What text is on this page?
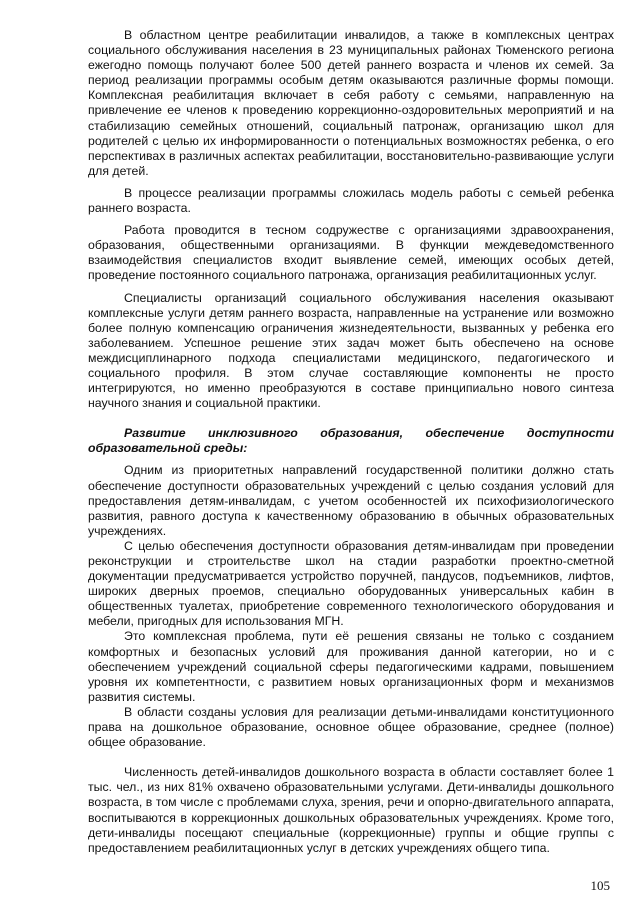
В областном центре реабилитации инвалидов, а также в комплексных центрах социального обслуживания населения в 23 муниципальных районах Тюменского региона ежегодно помощь получают более 500 детей раннего возраста и членов их семей. За период реализации программы особым детям оказываются различные формы помощи. Комплексная реабилитация включает в себя работу с семьями, направленную на привлечение ее членов к проведению коррекционно-оздоровительных мероприятий и на стабилизацию семейных отношений, социальный патронаж, организацию школ для родителей с целью их информированности о потенциальных возможностях ребенка, о его перспективах в различных аспектах реабилитации, восстановительно-развивающие услуги для детей.

В процессе реализации программы сложилась модель работы с семьей ребенка раннего возраста.

Работа проводится в тесном содружестве с организациями здравоохранения, образования, общественными организациями. В функции междеведомственного взаимодействия специалистов входит выявление семей, имеющих особых детей, проведение постоянного социального патронажа, организация реабилитационных услуг.

Специалисты организаций социального обслуживания населения оказывают комплексные услуги детям раннего возраста, направленные на устранение или возможно более полную компенсацию ограничения жизнедеятельности, вызванных у ребенка его заболеванием. Успешное решение этих задач может быть обеспечено на основе междисциплинарного подхода специалистами медицинского, педагогического и социального профиля. В этом случае составляющие компоненты не просто интегрируются, но именно преобразуются в составе принципиально нового синтеза научного знания и социальной практики.

Развитие инклюзивного образования, обеспечение доступности образовательной среды:

Одним из приоритетных направлений государственной политики должно стать обеспечение доступности образовательных учреждений с целью создания условий для предоставления детям-инвалидам, с учетом особенностей их психофизиологического развития, равного доступа к качественному образованию в обычных образовательных учреждениях.

С целью обеспечения доступности образования детям-инвалидам при проведении реконструкции и строительстве школ на стадии разработки проектно-сметной документации предусматривается устройство поручней, пандусов, подъемников, лифтов, широких дверных проемов, специально оборудованных универсальных кабин в общественных туалетах, приобретение современного технологического оборудования и мебели, пригодных для использования МГН.

Это комплексная проблема, пути её решения связаны не только с созданием комфортных и безопасных условий для проживания данной категории, но и с обеспечением учреждений социальной сферы педагогическими кадрами, повышением уровня их компетентности, с развитием новых организационных форм и механизмов развития системы.

В области созданы условия для реализации детьми-инвалидами конституционного права на дошкольное образование, основное общее образование, среднее (полное) общее образование.

Численность детей-инвалидов дошкольного возраста в области составляет более 1 тыс. чел., из них 81% охвачено образовательными услугами. Дети-инвалиды дошкольного возраста, в том числе с проблемами слуха, зрения, речи и опорно-двигательного аппарата, воспитываются в коррекционных дошкольных образовательных учреждениях. Кроме того, дети-инвалиды посещают специальные (коррекционные) группы и общие группы с предоставлением реабилитационных услуг в детских учреждениях общего типа.

105
